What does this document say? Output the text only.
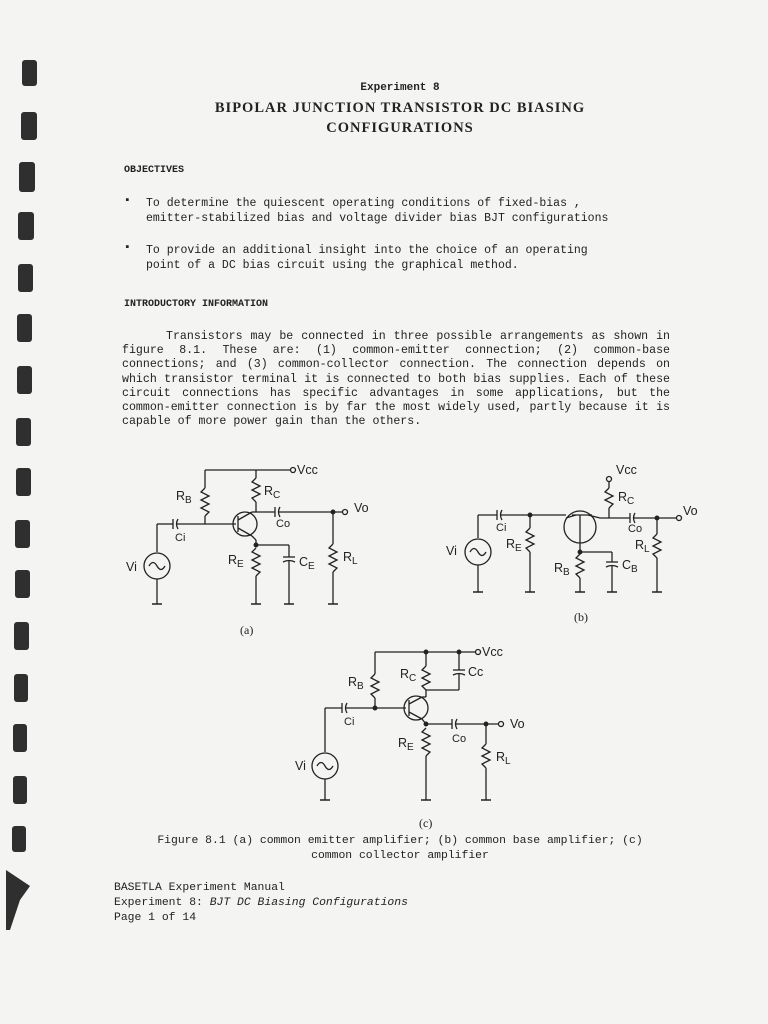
Experiment 8
BIPOLAR JUNCTION TRANSISTOR DC BIASING
CONFIGURATIONS
OBJECTIVES
▪ To determine the quiescent operating conditions of fixed-bias ,
emitter-stabilized bias and voltage divider bias BJT configurations
▪ To provide an additional insight into the choice of an operating
point of a DC bias circuit using the graphical method.
INTRODUCTORY INFORMATION

Transistors may be connected in three possible arrangements as shown in figure 8.1. These are: (1) common-emitter connection; (2) common-base connections; and (3) common-collector connection. The connection depends on which transistor terminal it is connected to both bias supplies. Each of these circuit connections has specific advantages in some applications, but the common-emitter connection is by far the most widely used, partly because it is capable of more power gain than the others.

Vcc
Vo
$R_B$
$R_C$
Co
Ci
$R_E$	$C_E$
$R_L$
Vi
(a)
Vcc
Vo
$R_C$
Co
Ci
$R_E$	$R_L$
$R_B$
$C_B$
Vi
(b)
Vcc
Vo
$R_B$
$R_C$	Cc
Ci
Co
$R_E$
$R_L$
Vi
(c)
Figure 8.1 (a) common emitter amplifier; (b) common base amplifier; (c)
common collector amplifier
BASETLA Experiment Manual
Experiment 8: BJT DC Biasing Configurations
Page 1 of 14
